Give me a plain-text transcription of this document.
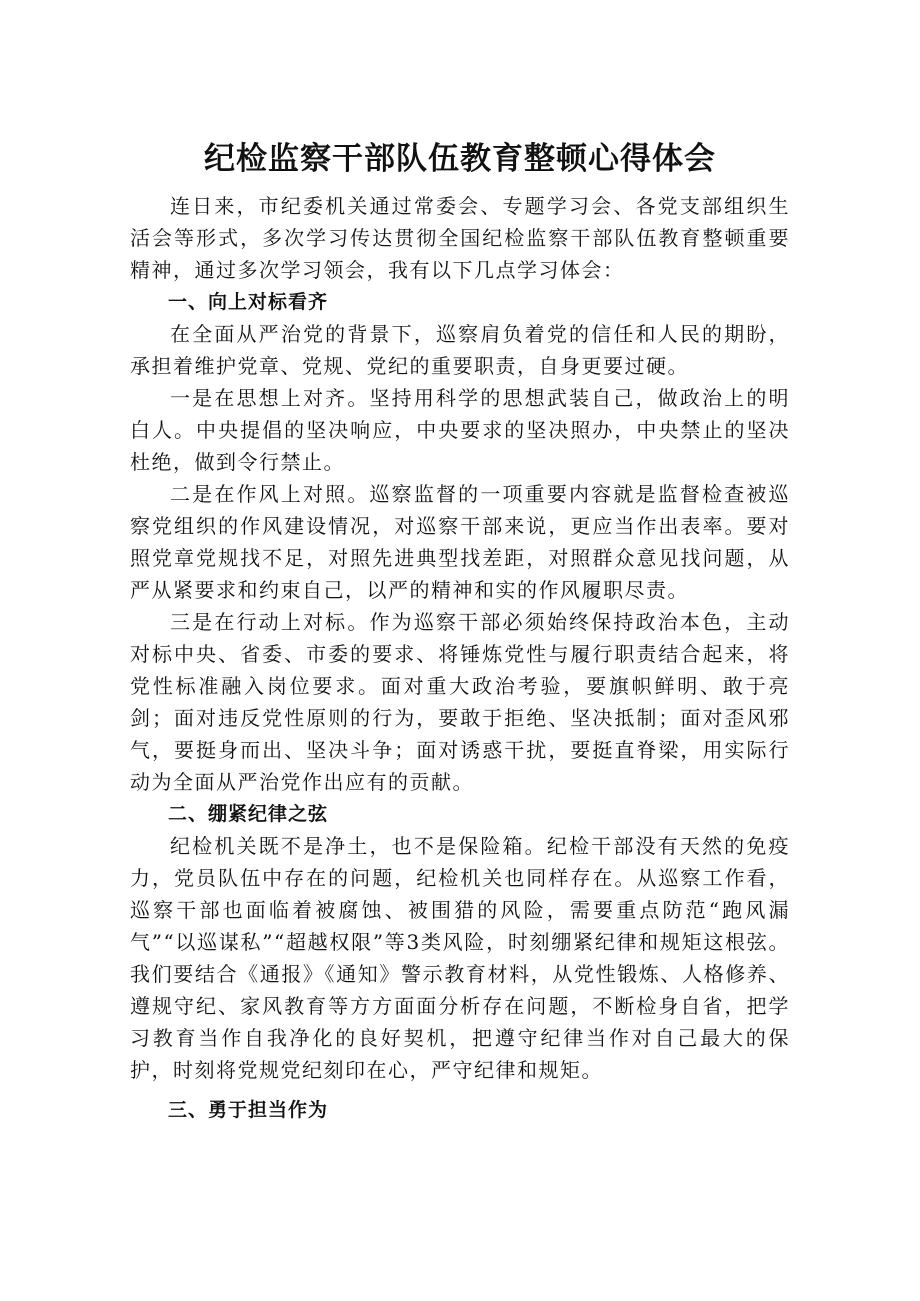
纪检监察干部队伍教育整顿心得体会

连日来，市纪委机关通过常委会、专题学习会、各党支部组织生活会等形式，多次学习传达贯彻全国纪检监察干部队伍教育整顿重要精神，通过多次学习领会，我有以下几点学习体会：

一、向上对标看齐

在全面从严治党的背景下，巡察肩负着党的信任和人民的期盼，承担着维护党章、党规、党纪的重要职责，自身更要过硬。

一是在思想上对齐。坚持用科学的思想武装自己，做政治上的明白人。中央提倡的坚决响应，中央要求的坚决照办，中央禁止的坚决杜绝，做到令行禁止。

二是在作风上对照。巡察监督的一项重要内容就是监督检查被巡察党组织的作风建设情况，对巡察干部来说，更应当作出表率。要对照党章党规找不足，对照先进典型找差距，对照群众意见找问题，从严从紧要求和约束自己，以严的精神和实的作风履职尽责。

三是在行动上对标。作为巡察干部必须始终保持政治本色，主动对标中央、省委、市委的要求、将锤炼党性与履行职责结合起来，将党性标准融入岗位要求。面对重大政治考验，要旗帜鲜明、敢于亮剑；面对违反党性原则的行为，要敢于拒绝、坚决抵制；面对歪风邪气，要挺身而出、坚决斗争；面对诱惑干扰，要挺直脊梁，用实际行动为全面从严治党作出应有的贡献。

二、绷紧纪律之弦

纪检机关既不是净土，也不是保险箱。纪检干部没有天然的免疫力，党员队伍中存在的问题，纪检机关也同样存在。从巡察工作看，巡察干部也面临着被腐蚀、被围猎的风险，需要重点防范“跑风漏气”“以巡谋私”“超越权限”等3类风险，时刻绷紧纪律和规矩这根弦。我们要结合《通报》《通知》警示教育材料，从党性锻炼、人格修养、遵规守纪、家风教育等方方面面分析存在问题，不断检身自省，把学习教育当作自我净化的良好契机，把遵守纪律当作对自己最大的保护，时刻将党规党纪刻印在心，严守纪律和规矩。

三、勇于担当作为
